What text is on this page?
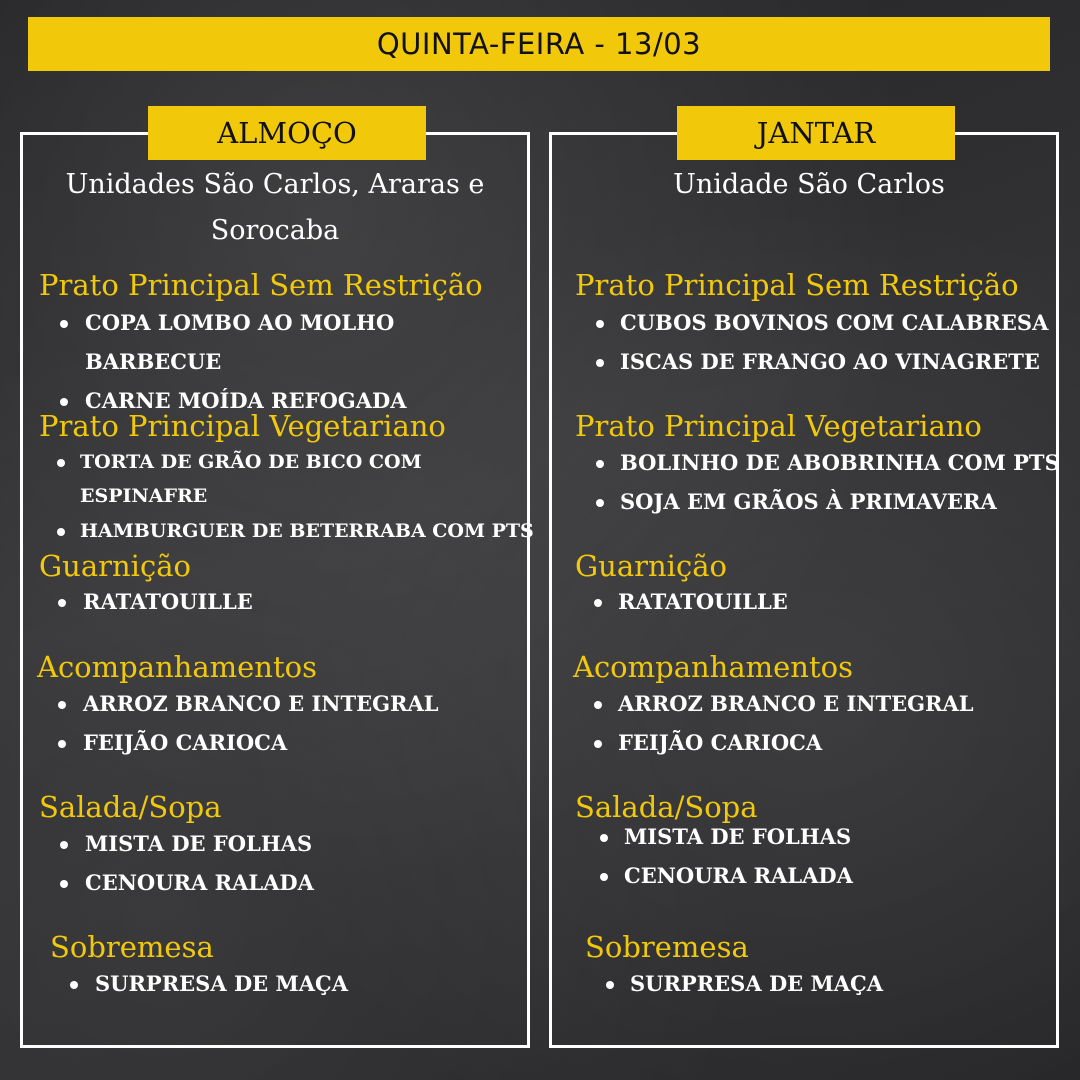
QUINTA-FEIRA - 13/03
ALMOÇO
Unidades São Carlos, Araras e
Sorocaba
Prato Principal Sem Restrição
COPA LOMBO AO MOLHO
BARBECUE
CARNE MOÍDA REFOGADA
Prato Principal Vegetariano
TORTA DE GRÃO DE BICO COM
ESPINAFRE
HAMBURGUER DE BETERRABA COM PTS
Guarnição
RATATOUILLE
Acompanhamentos
ARROZ BRANCO E INTEGRAL
FEIJÃO CARIOCA
Salada/Sopa
MISTA DE FOLHAS
CENOURA RALADA
Sobremesa
SURPRESA DE MAÇA
JANTAR
Unidade São Carlos
Prato Principal Sem Restrição
CUBOS BOVINOS COM CALABRESA
ISCAS DE FRANGO AO VINAGRETE
Prato Principal Vegetariano
BOLINHO DE ABOBRINHA COM PTS
SOJA EM GRÃOS À PRIMAVERA
Guarnição
RATATOUILLE
Acompanhamentos
ARROZ BRANCO E INTEGRAL
FEIJÃO CARIOCA
Salada/Sopa
MISTA DE FOLHAS
CENOURA RALADA
Sobremesa
SURPRESA DE MAÇA
